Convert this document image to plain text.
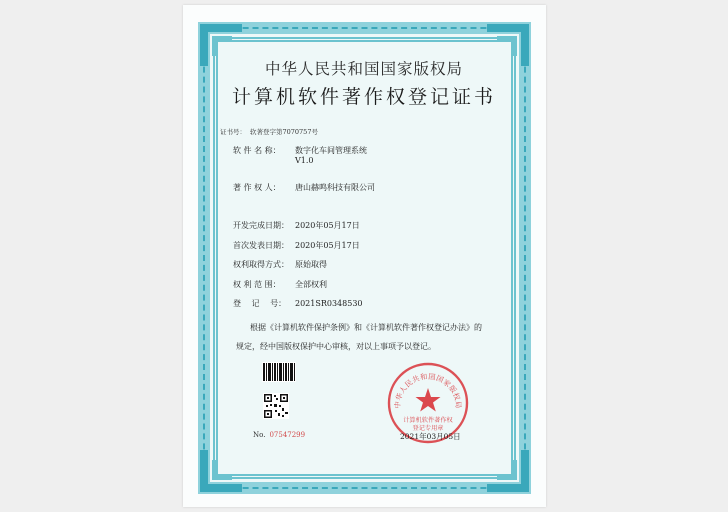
中华人民共和国国家版权局
计算机软件著作权登记证书
证书号： 软著登字第7070757号
软 件 名 称： 数字化车间管理系统
V1.0
著 作 权 人： 唐山赫鸣科技有限公司
开发完成日期： 2020年05月17日
首次发表日期： 2020年05月17日
权利取得方式： 原始取得
权 利 范 围： 全部权利
登　 记　 号： 2021SR0348530
根据《计算机软件保护条例》和《计算机软件著作权登记办法》的
规定，经中国版权保护中心审核，对以上事项予以登记。
No. 07547299
中华人民共和国国家版权局
计算机软件著作权
登记专用章
2021年03月05日
